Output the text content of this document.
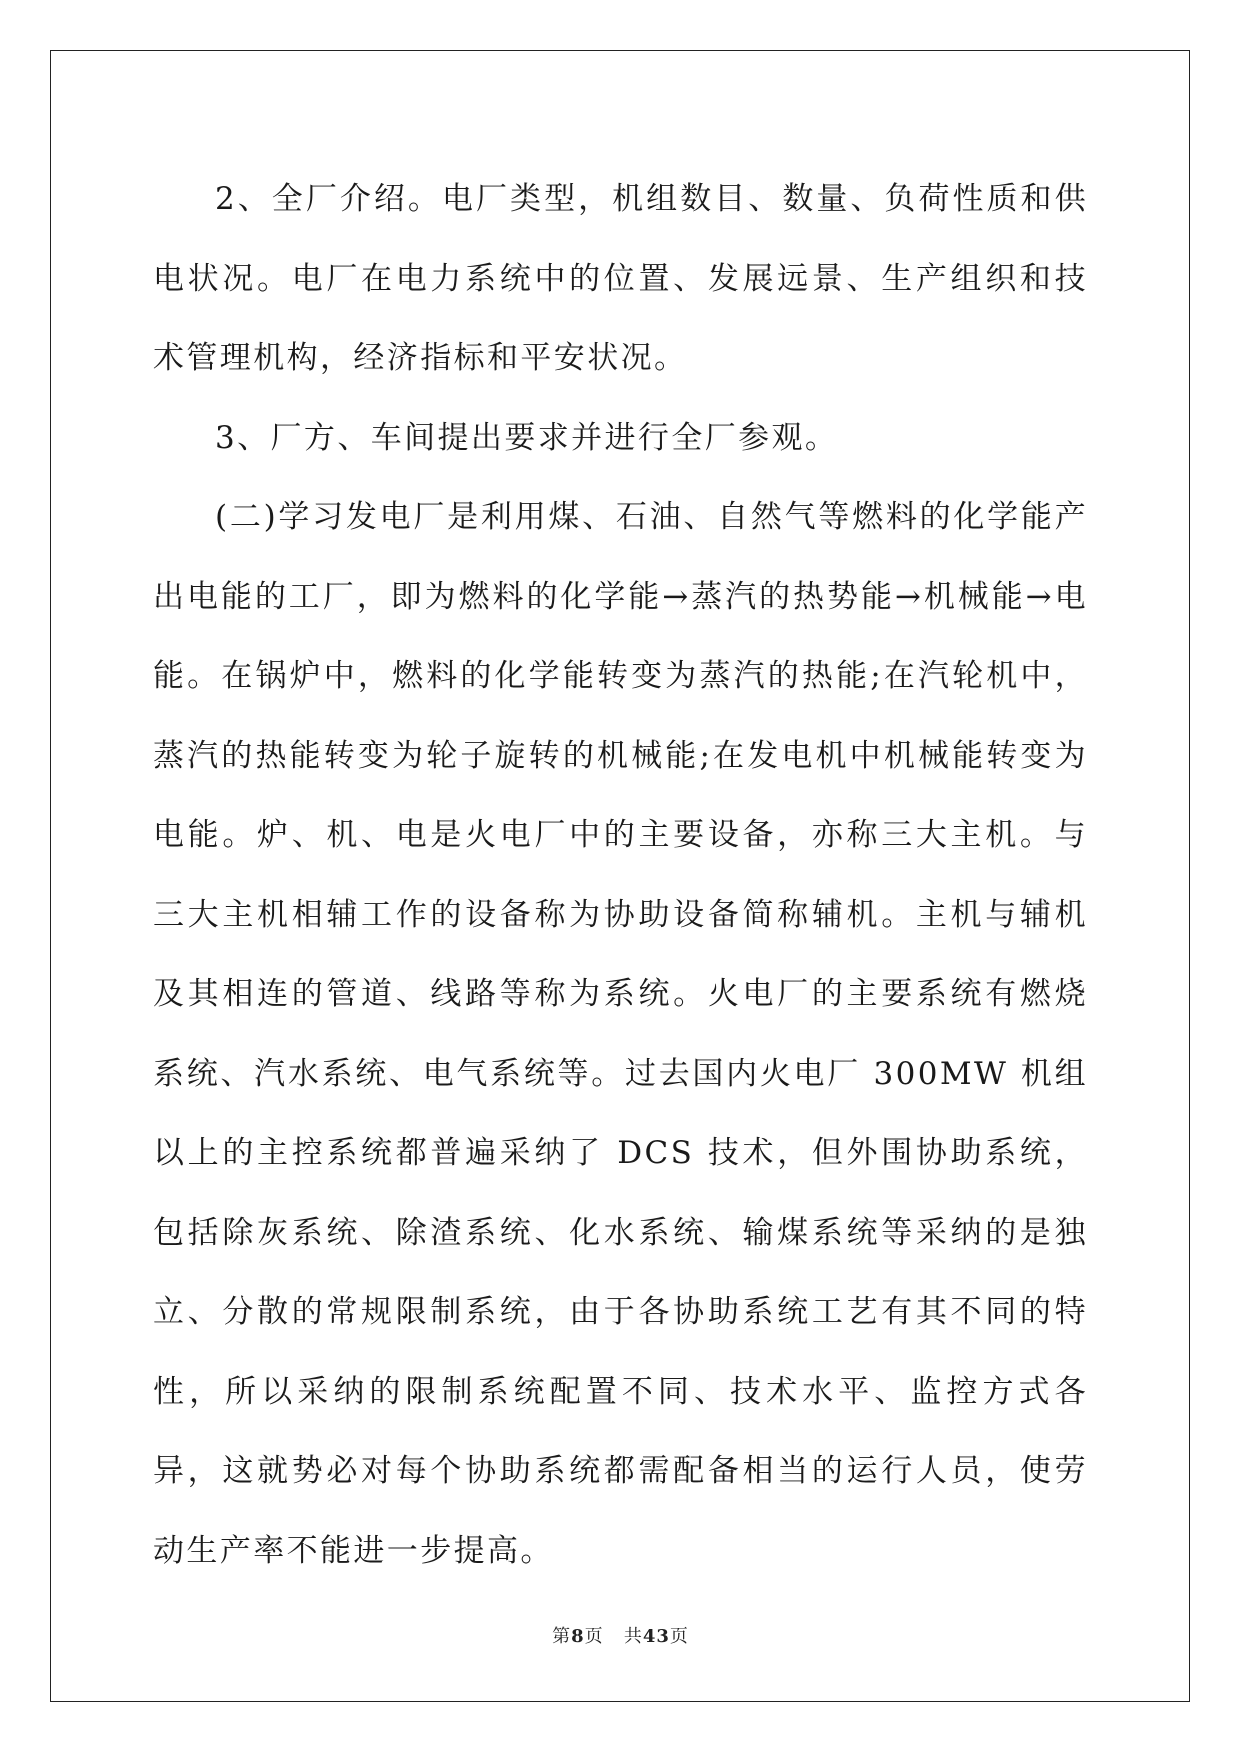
2、全厂介绍。电厂类型，机组数目、数量、负荷性质和供电状况。电厂在电力系统中的位置、发展远景、生产组织和技术管理机构，经济指标和平安状况。

3、厂方、车间提出要求并进行全厂参观。

(二)学习发电厂是利用煤、石油、自然气等燃料的化学能产出电能的工厂，即为燃料的化学能→蒸汽的热势能→机械能→电能。在锅炉中，燃料的化学能转变为蒸汽的热能;在汽轮机中，蒸汽的热能转变为轮子旋转的机械能;在发电机中机械能转变为电能。炉、机、电是火电厂中的主要设备，亦称三大主机。与三大主机相辅工作的设备称为协助设备简称辅机。主机与辅机及其相连的管道、线路等称为系统。火电厂的主要系统有燃烧系统、汽水系统、电气系统等。过去国内火电厂 300MW 机组以上的主控系统都普遍采纳了 DCS 技术，但外围协助系统，包括除灰系统、除渣系统、化水系统、输煤系统等采纳的是独立、分散的常规限制系统，由于各协助系统工艺有其不同的特性，所以采纳的限制系统配置不同、技术水平、监控方式各异，这就势必对每个协助系统都需配备相当的运行人员，使劳动生产率不能进一步提高。

第8页 共43页
